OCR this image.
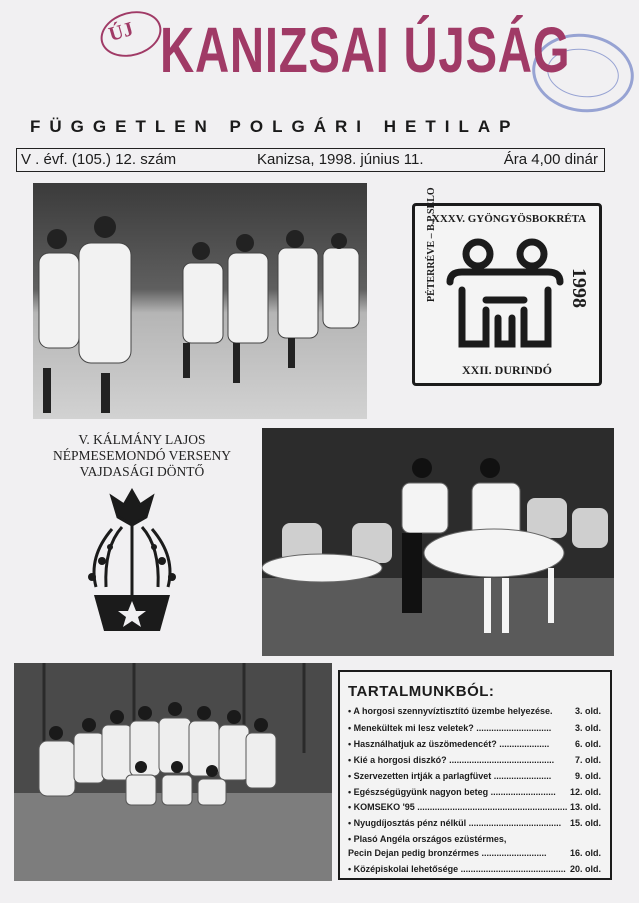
ÚJ KANIZSAI ÚJSÁG
FÜGGETLEN POLGÁRI HETILAP
V . évf. (105.) 12. szám	Kanizsa, 1998. június 11.	Ára 4,00 dinár
XXXV. GYÖNGYÖSBOKRÉTA
PÉTERRÉVE – B.P.SELO	1998
XXII. DURINDÓ
V. KÁLMÁNY LAJOS
NÉPMESEMONDÓ VERSENY
VAJDASÁGI DÖNTŐ
TARTALMUNKBÓL:
• A horgosi szennyvíztisztító üzembe helyezése. 3. old.
• Menekültek mi lesz veletek? ..............................	3. old.
• Használhatjuk az üszömedencét? ....................	6. old.
• Kié a horgosi diszkó? .......................................... 7. old.
• Szervezetten irtják a parlagfüvet .......................	9. old.
• Egészségügyünk nagyon beteg .......................... 12. old.
• KOMSEKO '95 ............................................................ 13. old.
• Nyugdíjosztás pénz nélkül ..................................... 15. old.
• Plasó Angéla országos ezüstérmes,
Pecin Dejan pedig bronzérmes ..........................	16. old.
• Középiskolai lehetősége .......................................... 20. old.
